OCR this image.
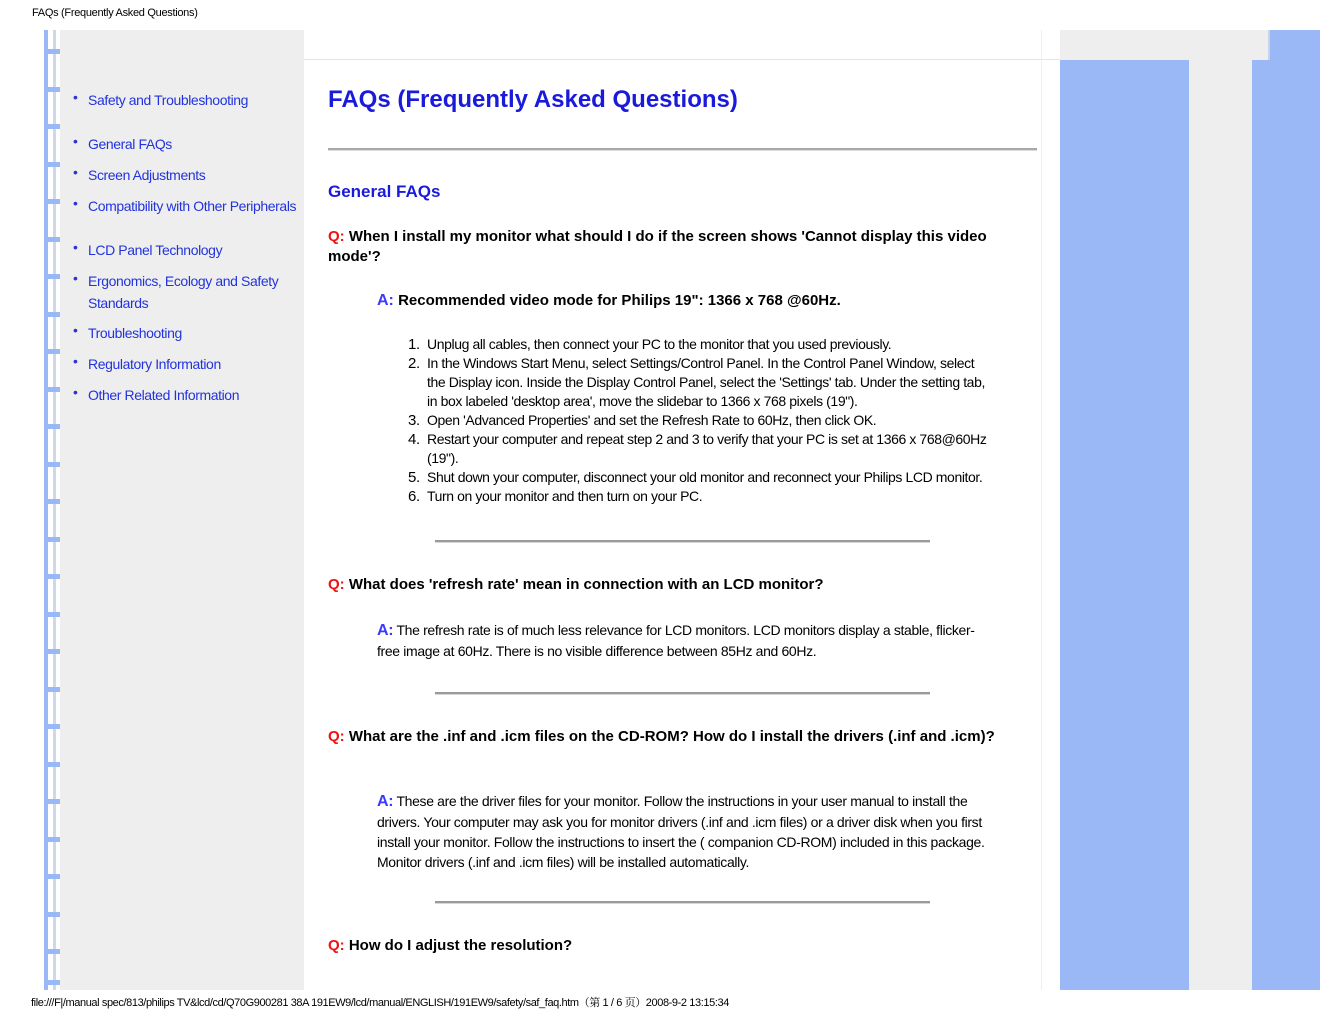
FAQs (Frequently Asked Questions)
• Safety and Troubleshooting
• General FAQs
• Screen Adjustments
• Compatibility with Other Peripherals
• LCD Panel Technology
• Ergonomics, Ecology and Safety Standards
• Troubleshooting
• Regulatory Information
• Other Related Information
FAQs (Frequently Asked Questions)
General FAQs
Q: When I install my monitor what should I do if the screen shows 'Cannot display this video mode'?
A: Recommended video mode for Philips 19": 1366 x 768 @60Hz.
1. Unplug all cables, then connect your PC to the monitor that you used previously.
2. In the Windows Start Menu, select Settings/Control Panel. In the Control Panel Window, select the Display icon. Inside the Display Control Panel, select the 'Settings' tab. Under the setting tab, in box labeled 'desktop area', move the slidebar to 1366 x 768 pixels (19").
3. Open 'Advanced Properties' and set the Refresh Rate to 60Hz, then click OK.
4. Restart your computer and repeat step 2 and 3 to verify that your PC is set at 1366 x 768@60Hz (19").
5. Shut down your computer, disconnect your old monitor and reconnect your Philips LCD monitor.
6. Turn on your monitor and then turn on your PC.
Q: What does 'refresh rate' mean in connection with an LCD monitor?
A: The refresh rate is of much less relevance for LCD monitors. LCD monitors display a stable, flicker-free image at 60Hz. There is no visible difference between 85Hz and 60Hz.
Q: What are the .inf and .icm files on the CD-ROM? How do I install the drivers (.inf and .icm)?
A: These are the driver files for your monitor. Follow the instructions in your user manual to install the drivers. Your computer may ask you for monitor drivers (.inf and .icm files) or a driver disk when you first install your monitor. Follow the instructions to insert the ( companion CD-ROM) included in this package. Monitor drivers (.inf and .icm files) will be installed automatically.
Q: How do I adjust the resolution?
file:///F|/manual spec/813/philips TV&lcd/cd/Q70G900281 38A 191EW9/lcd/manual/ENGLISH/191EW9/safety/saf_faq.htm（第 1 / 6 页）2008-9-2 13:15:34
